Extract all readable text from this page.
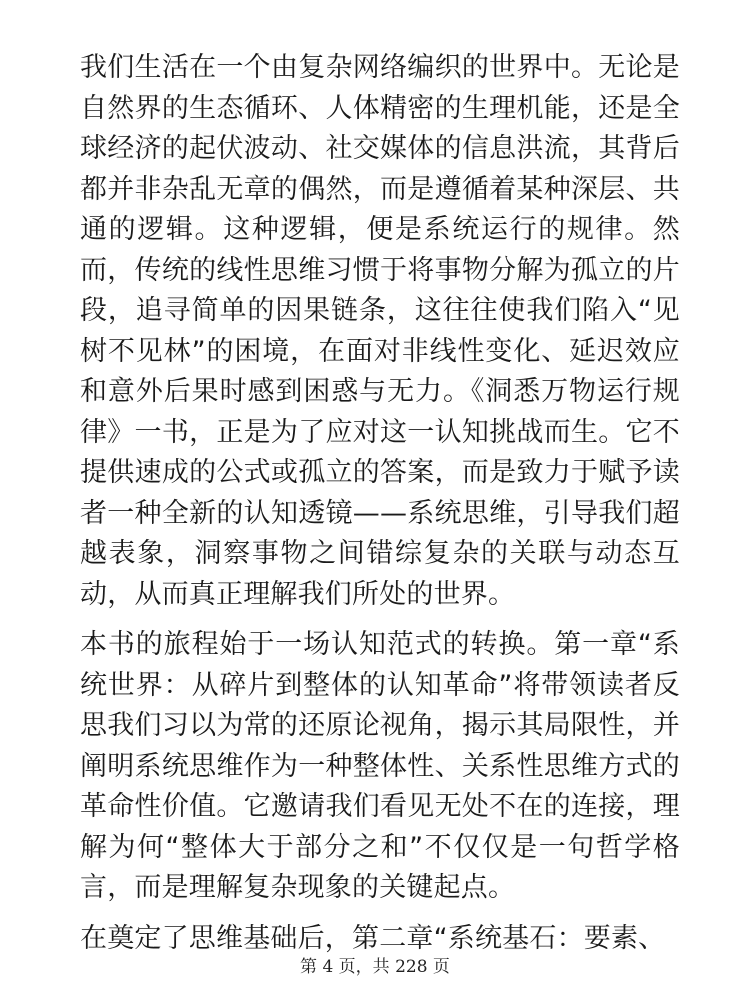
我们生活在一个由复杂网络编织的世界中。无论是自然界的生态循环、人体精密的生理机能，还是全球经济的起伏波动、社交媒体的信息洪流，其背后都并非杂乱无章的偶然，而是遵循着某种深层、共通的逻辑。这种逻辑，便是系统运行的规律。然而，传统的线性思维习惯于将事物分解为孤立的片段，追寻简单的因果链条，这往往使我们陷入“见树不见林”的困境，在面对非线性变化、延迟效应和意外后果时感到困惑与无力。《洞悉万物运行规律》一书，正是为了应对这一认知挑战而生。它不提供速成的公式或孤立的答案，而是致力于赋予读者一种全新的认知透镜——系统思维，引导我们超越表象，洞察事物之间错综复杂的关联与动态互动，从而真正理解我们所处的世界。

本书的旅程始于一场认知范式的转换。第一章“系统世界：从碎片到整体的认知革命”将带领读者反思我们习以为常的还原论视角，揭示其局限性，并阐明系统思维作为一种整体性、关系性思维方式的革命性价值。它邀请我们看见无处不在的连接，理解为何“整体大于部分之和”不仅仅是一句哲学格言，而是理解复杂现象的关键起点。

在奠定了思维基础后，第二章“系统基石：要素、

第 4 页，共 228 页
